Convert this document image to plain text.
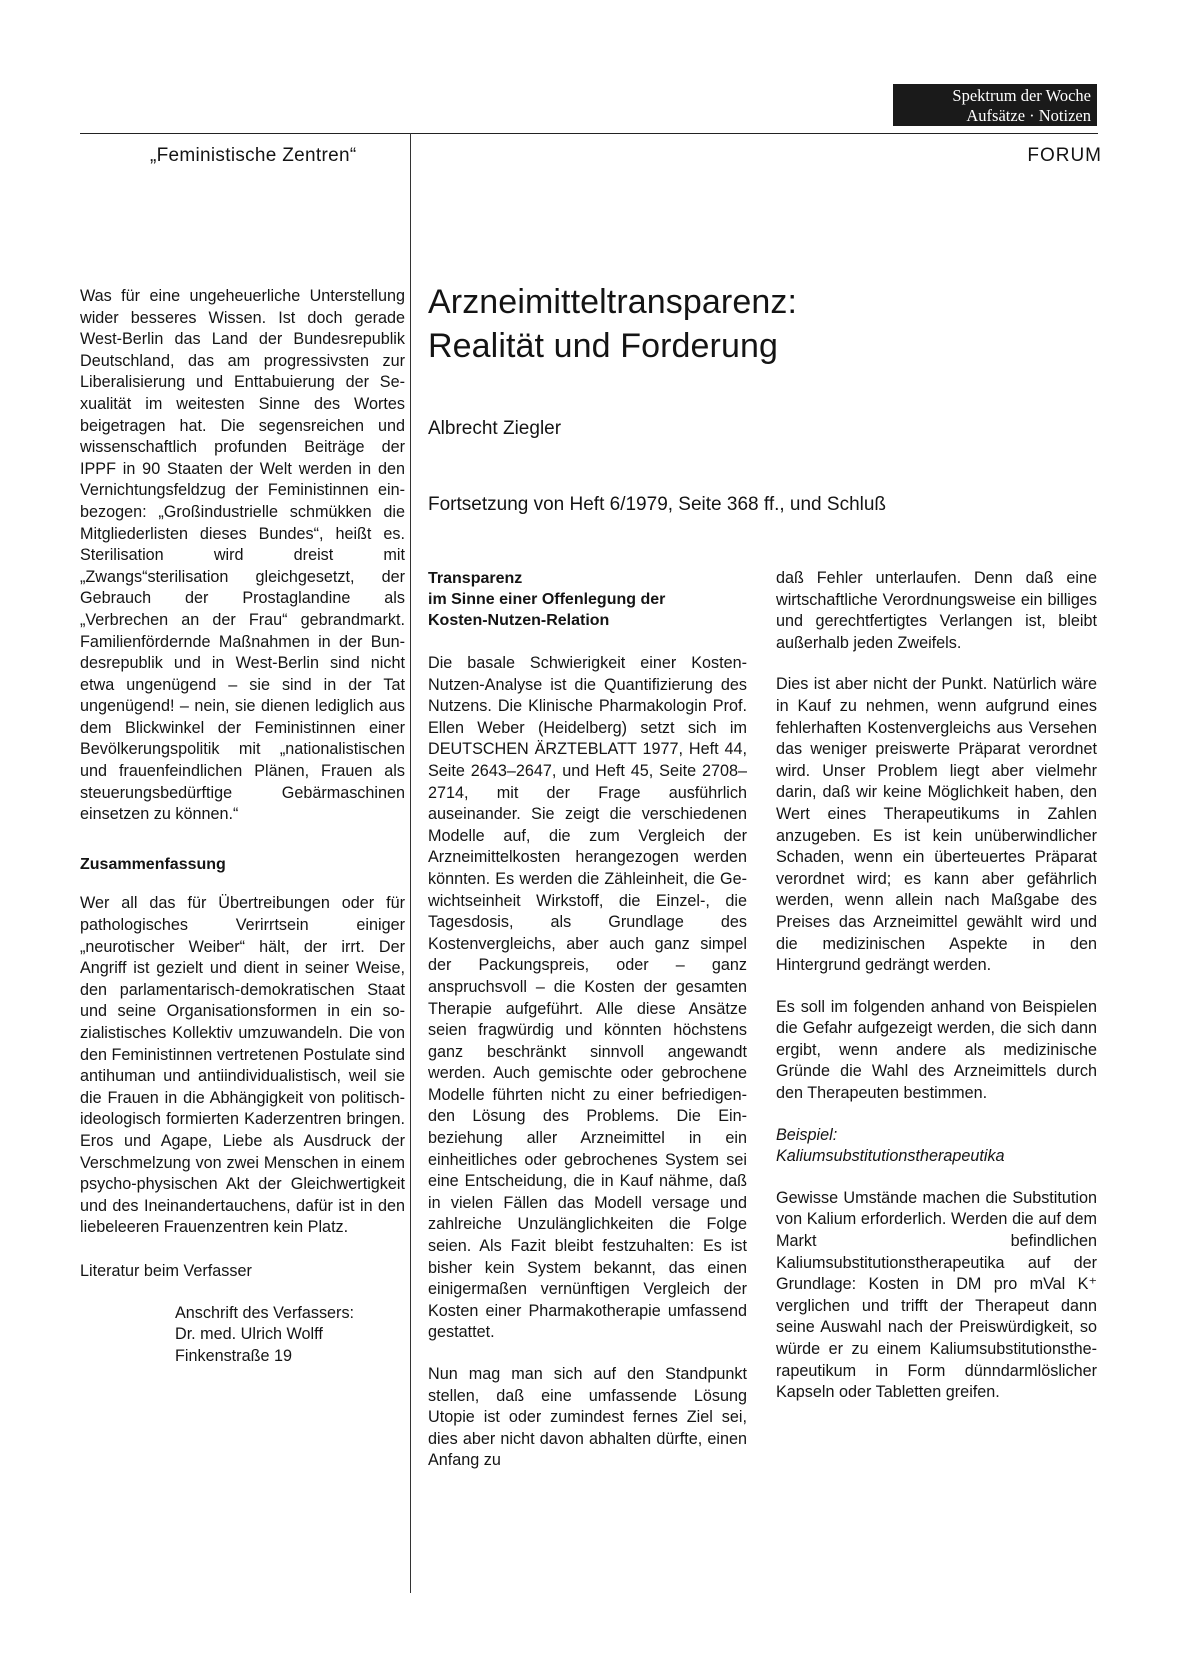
Spektrum der Woche
Aufsätze · Notizen
„Feministische Zentren“	FORUM

Was für eine ungeheuerliche Unterstellung wider besseres Wissen. Ist doch gerade West-Berlin das Land der Bundesrepublik Deutschland, das am progressivsten zur Liberalisierung und Enttabuierung der Sexualität im weitesten Sinne des Wortes beigetragen hat. Die segensreichen und wissenschaftlich profunden Beiträge der IPPF in 90 Staaten der Welt werden in den Vernichtungsfeldzug der Feministinnen einbezogen: „Großindustrielle schmükken die Mitgliederlisten dieses Bundes“, heißt es. Sterilisation wird dreist mit „Zwangs“sterilisation gleichgesetzt, der Gebrauch der Prostaglandine als „Verbrechen an der Frau“ gebrandmarkt. Familienfördernde Maßnahmen in der Bundesrepublik und in West-Berlin sind nicht etwa ungenügend – sie sind in der Tat ungenügend! – nein, sie dienen lediglich aus dem Blickwinkel der Feministinnen einer Bevölkerungspolitik mit „nationalistischen und frauenfeindlichen Plänen, Frauen als steuerungsbedürftige Gebärmaschinen einsetzen zu können.“

Zusammenfassung

Wer all das für Übertreibungen oder für pathologisches Verirrtsein einiger „neurotischer Weiber“ hält, der irrt. Der Angriff ist gezielt und dient in seiner Weise, den parlamentarisch-demokratischen Staat und seine Organisationsformen in ein sozialistisches Kollektiv umzuwandeln. Die von den Feministinnen vertretenen Postulate sind antihuman und antiindividualistisch, weil sie die Frauen in die Abhängigkeit von politisch-ideologisch formierten Kaderzentren bringen. Eros und Agape, Liebe als Ausdruck der Verschmelzung von zwei Menschen in einem psycho-physischen Akt der Gleichwertigkeit und des Ineinandertauchens, dafür ist in den liebeleeren Frauenzentren kein Platz.

Literatur beim Verfasser
Anschrift des Verfassers:
Dr. med. Ulrich Wolff
Finkenstraße 19
Arzneimitteltransparenz:
Realität und Forderung
Albrecht Ziegler
Fortsetzung von Heft 6/1979, Seite 368 ff., und Schluß
Transparenz
im Sinne einer Offenlegung der
Kosten-Nutzen-Relation

Die basale Schwierigkeit einer Kosten-Nutzen-Analyse ist die Quantifizierung des Nutzens. Die Klinische Pharmakologin Prof. Ellen Weber (Heidelberg) setzt sich im DEUTSCHEN ÄRZTEBLATT 1977, Heft 44, Seite 2643–2647, und Heft 45, Seite 2708–2714, mit der Frage ausführlich auseinander. Sie zeigt die verschiedenen Modelle auf, die zum Vergleich der Arzneimittelkosten herangezogen werden könnten. Es werden die Zähleinheit, die Gewichtseinheit Wirkstoff, die Einzel-, die Tagesdosis, als Grundlage des Kostenvergleichs, aber auch ganz simpel der Packungspreis, oder – ganz anspruchsvoll – die Kosten der gesamten Therapie aufgeführt. Alle diese Ansätze seien fragwürdig und könnten höchstens ganz beschränkt sinnvoll angewandt werden. Auch gemischte oder gebrochene Modelle führten nicht zu einer befriedigenden Lösung des Problems. Die Einbeziehung aller Arzneimittel in ein einheitliches oder gebrochenes System sei eine Entscheidung, die in Kauf nähme, daß in vielen Fällen das Modell versage und zahlreiche Unzulänglichkeiten die Folge seien. Als Fazit bleibt festzuhalten: Es ist bisher kein System bekannt, das einen einigermaßen vernünftigen Vergleich der Kosten einer Pharmakotherapie umfassend gestattet.

Nun mag man sich auf den Standpunkt stellen, daß eine umfassende Lösung Utopie ist oder zumindest fernes Ziel sei, dies aber nicht davon abhalten dürfte, einen Anfang zu

daß Fehler unterlaufen. Denn daß eine wirtschaftliche Verordnungsweise ein billiges und gerechtfertigtes Verlangen ist, bleibt außerhalb jeden Zweifels.

Dies ist aber nicht der Punkt. Natürlich wäre in Kauf zu nehmen, wenn aufgrund eines fehlerhaften Kostenvergleichs aus Versehen das weniger preiswerte Präparat verordnet wird. Unser Problem liegt aber vielmehr darin, daß wir keine Möglichkeit haben, den Wert eines Therapeutikums in Zahlen anzugeben. Es ist kein unüberwindlicher Schaden, wenn ein überteuertes Präparat verordnet wird; es kann aber gefährlich werden, wenn allein nach Maßgabe des Preises das Arzneimittel gewählt wird und die medizinischen Aspekte in den Hintergrund gedrängt werden.

Es soll im folgenden anhand von Beispielen die Gefahr aufgezeigt werden, die sich dann ergibt, wenn andere als medizinische Gründe die Wahl des Arzneimittels durch den Therapeuten bestimmen.

Beispiel:
Kaliumsubstitutionstherapeutika

Gewisse Umstände machen die Substitution von Kalium erforderlich. Werden die auf dem Markt befindlichen Kaliumsubstitutionstherapeutika auf der Grundlage: Kosten in DM pro mVal K⁺ verglichen und trifft der Therapeut dann seine Auswahl nach der Preiswürdigkeit, so würde er zu einem Kaliumsubstitutionstherapeutikum in Form dünndarmlöslicher Kapseln oder Tabletten greifen.
